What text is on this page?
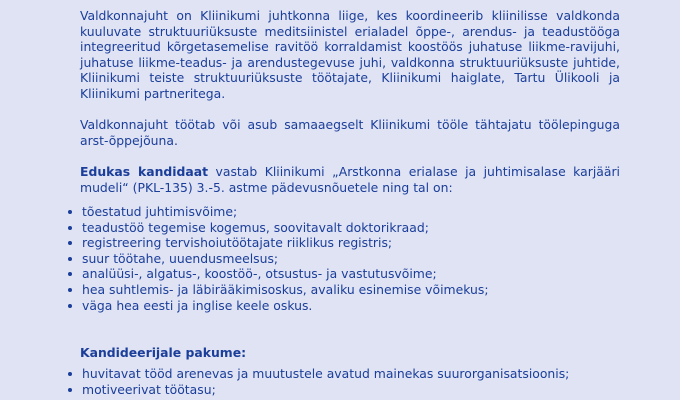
Valdkonnajuht on Kliinikumi juhtkonna liige, kes koordineerib kliinilisse valdkonda kuuluvate struktuuriüksuste meditsiinistel erialadel õppe-, arendus- ja teadustööga integreeritud kõrgetasemelise ravitöö korraldamist koostöös juhatuse liikme-ravijuhi, juhatuse liikme-teadus- ja arendustegevuse juhi, valdkonna struktuuriüksuste juhtide, Kliinikumi teiste struktuuriüksuste töötajate, Kliinikumi haiglate, Tartu Ülikooli ja Kliinikumi partneritega.

Valdkonnajuht töötab või asub samaaegselt Kliinikumi tööle tähtajatu töölepinguga arst-õppejõuna.

Edukas kandidaat vastab Kliinikumi „Arstkonna erialase ja juhtimisalase karjääri mudeli“ (PKL-135) 3.-5. astme pädevusnõuetele ning tal on:

tõestatud juhtimisvõime;
teadustöö tegemise kogemus, soovitavalt doktorikraad;
registreering tervishoiutöötajate riiklikus registris;
suur töötahe, uuendusmeelsus;
analüüsi-, algatus-, koostöö-, otsustus- ja vastutusvõime;
hea suhtlemis- ja läbirääkimisoskus, avaliku esinemise võimekus;
väga hea eesti ja inglise keele oskus.

Kandideerijale pakume:

huvitavat tööd arenevas ja muutustele avatud mainekas suurorganisatsioonis;
motiveerivat töötasu;
